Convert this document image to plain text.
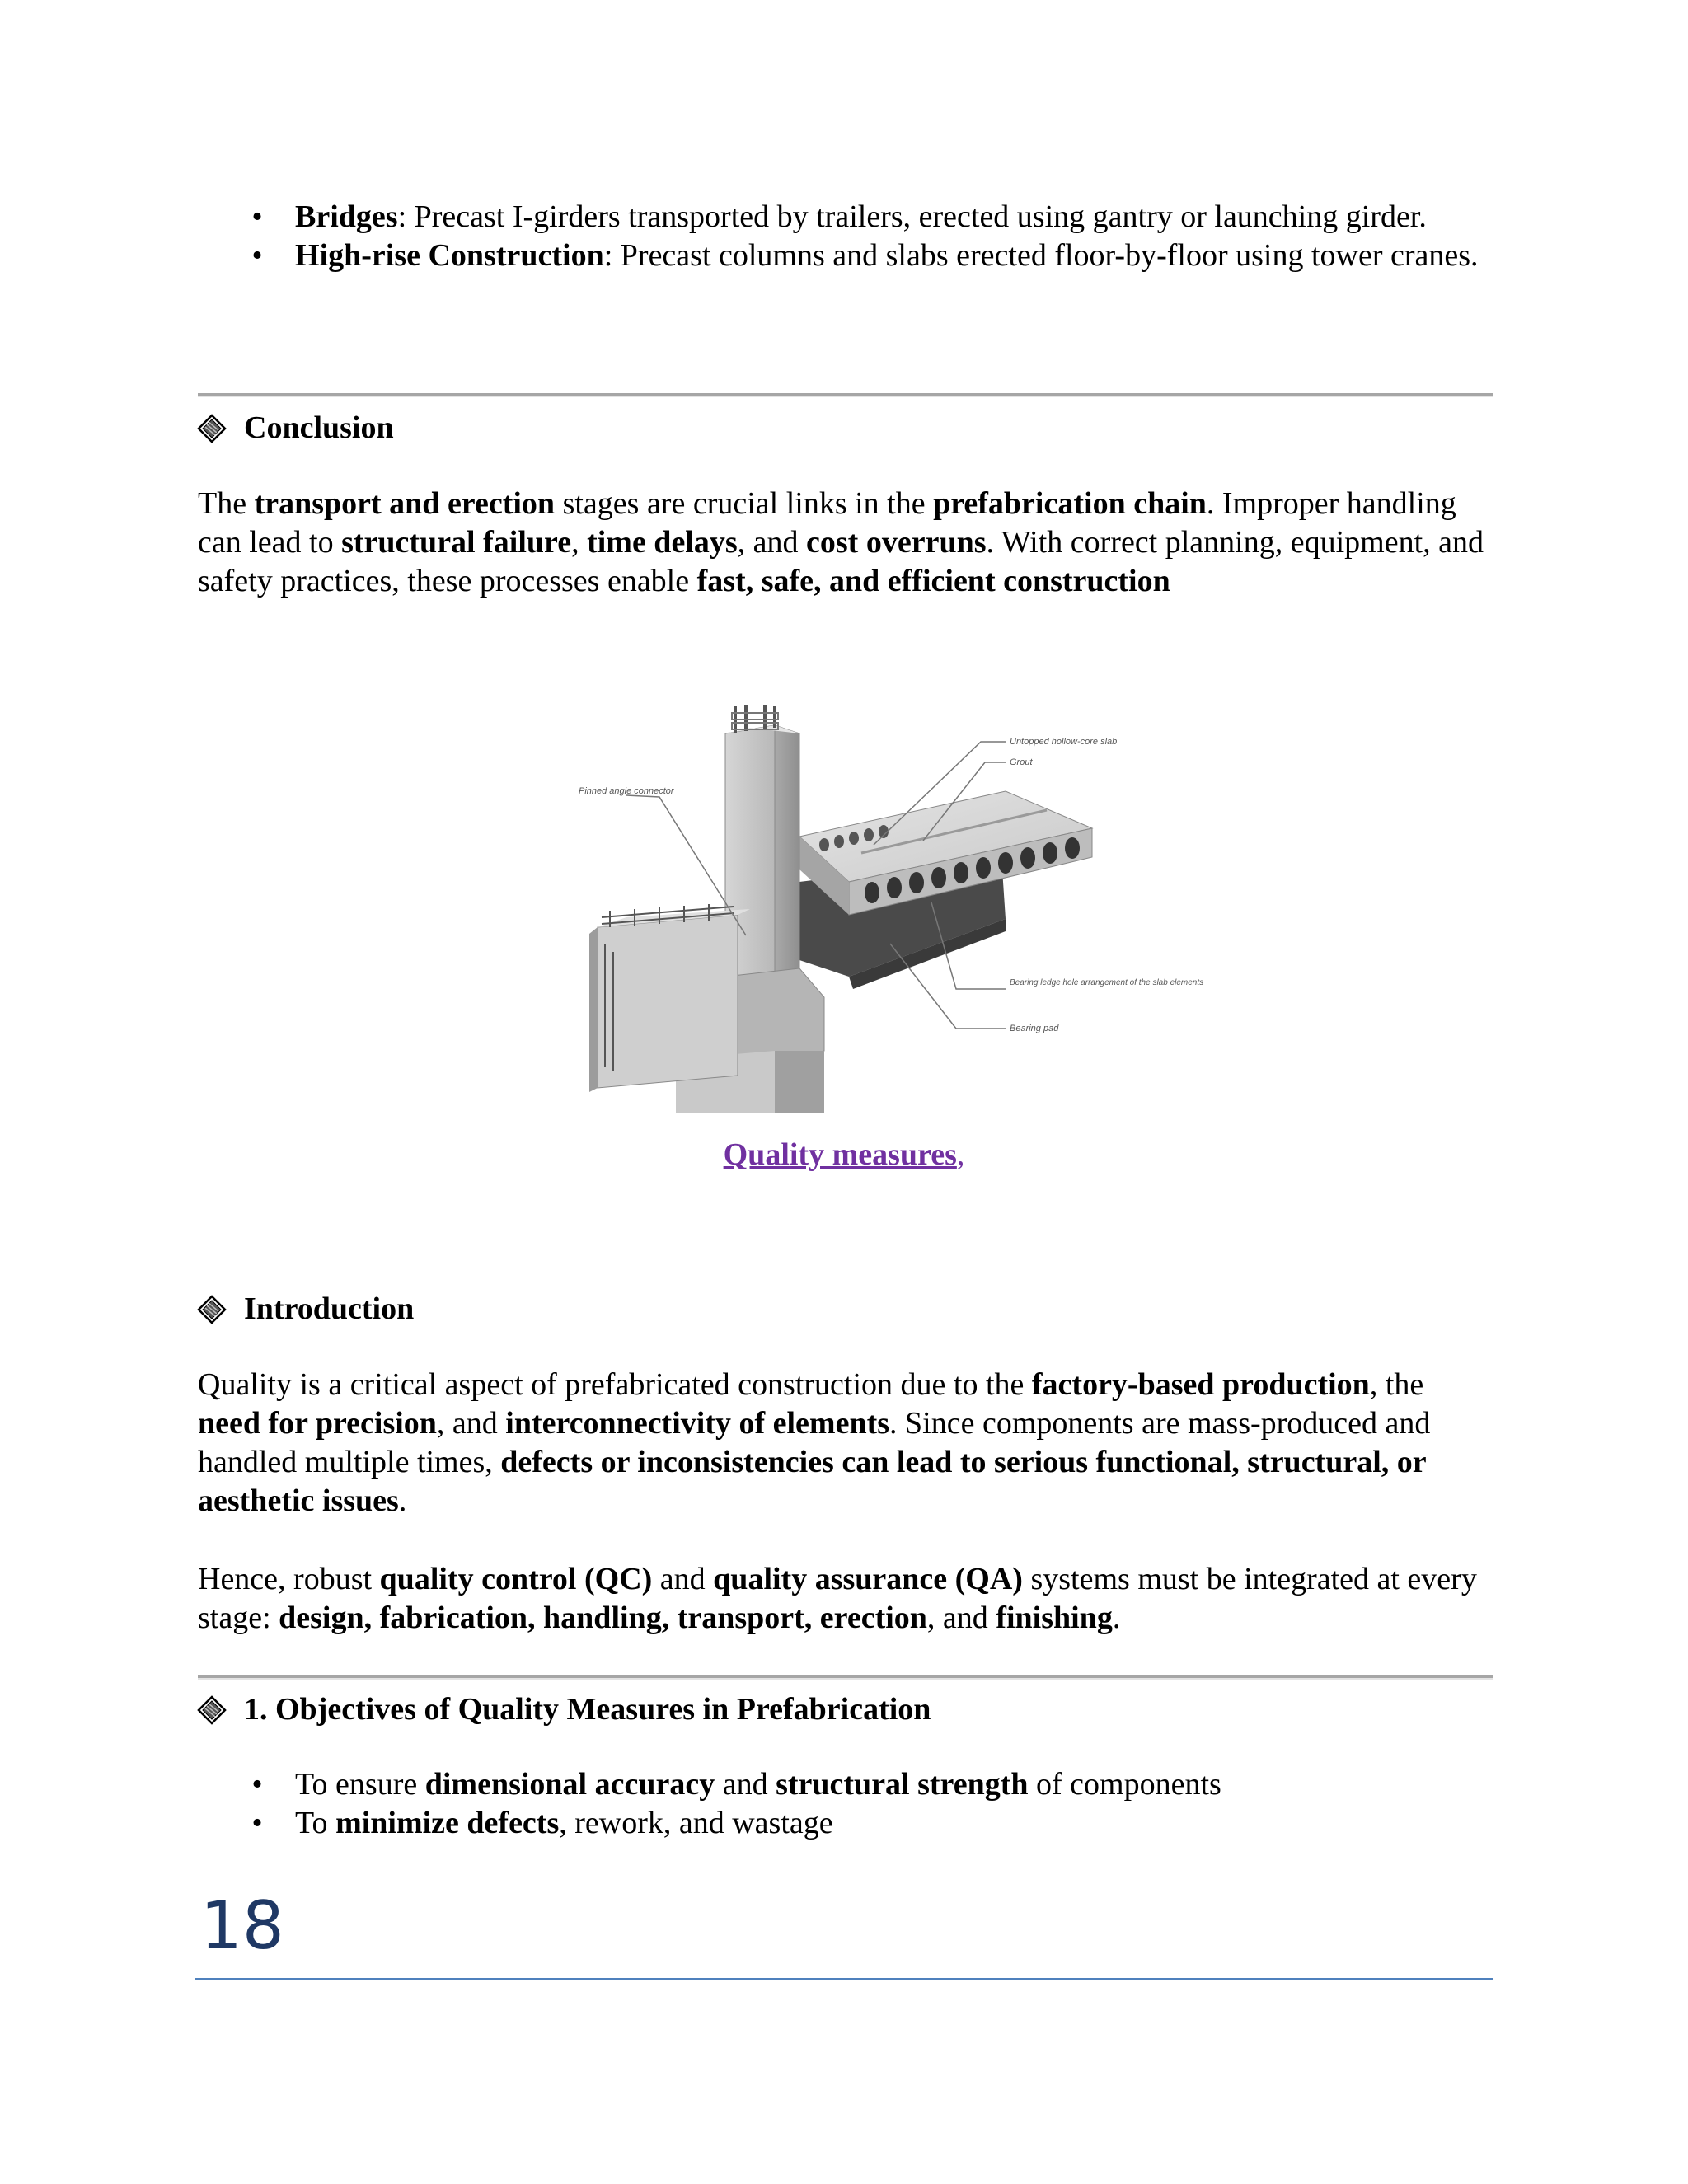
•	Bridges: Precast I-girders transported by trailers, erected using gantry or launching girder.
•	High-rise Construction: Precast columns and slabs erected floor-by-floor using tower cranes.
Conclusion
The transport and erection stages are crucial links in the prefabrication chain. Improper handling can lead to structural failure, time delays, and cost overruns. With correct planning, equipment, and safety practices, these processes enable fast, safe, and efficient construction
Pinned angle connector
Untopped hollow-core slab
Grout
Bearing ledge hole arrangement of the slab elements
Bearing pad
Quality measures,
Introduction
Quality is a critical aspect of prefabricated construction due to the factory-based production, the need for precision, and interconnectivity of elements. Since components are mass-produced and handled multiple times, defects or inconsistencies can lead to serious functional, structural, or aesthetic issues.
Hence, robust quality control (QC) and quality assurance (QA) systems must be integrated at every stage: design, fabrication, handling, transport, erection, and finishing.
1. Objectives of Quality Measures in Prefabrication
•	To ensure dimensional accuracy and structural strength of components
•	To minimize defects, rework, and wastage
18
